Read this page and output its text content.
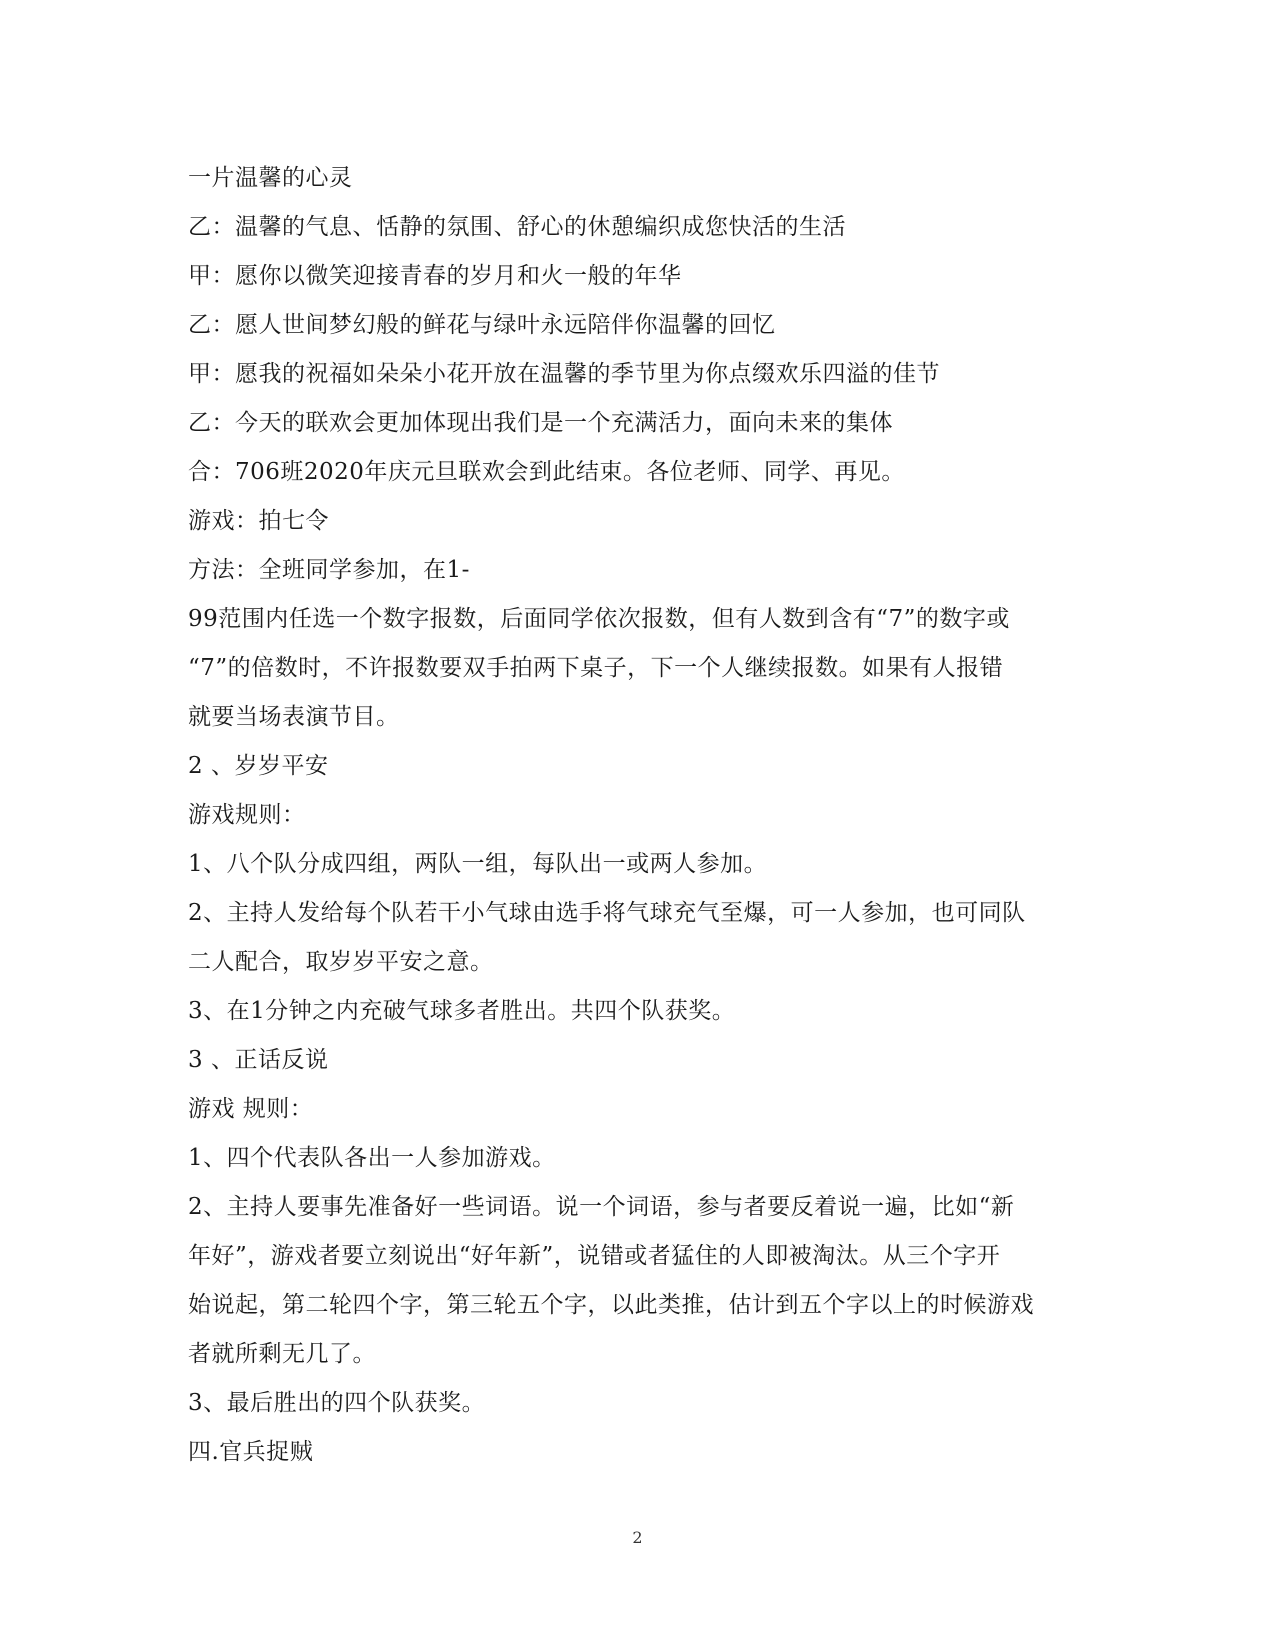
一片温馨的心灵
乙：温馨的气息、恬静的氛围、舒心的休憩编织成您快活的生活
甲：愿你以微笑迎接青春的岁月和火一般的年华
乙：愿人世间梦幻般的鲜花与绿叶永远陪伴你温馨的回忆
甲：愿我的祝福如朵朵小花开放在温馨的季节里为你点缀欢乐四溢的佳节
乙：今天的联欢会更加体现出我们是一个充满活力，面向未来的集体
合：706班2020年庆元旦联欢会到此结束。各位老师、同学、再见。
游戏：拍七令
方法：全班同学参加，在1-
99范围内任选一个数字报数，后面同学依次报数，但有人数到含有“7”的数字或
“7”的倍数时，不许报数要双手拍两下桌子，下一个人继续报数。如果有人报错
就要当场表演节目。
2 、岁岁平安
游戏规则：
1、八个队分成四组，两队一组，每队出一或两人参加。
2、主持人发给每个队若干小气球由选手将气球充气至爆，可一人参加，也可同队
二人配合，取岁岁平安之意。
3、在1分钟之内充破气球多者胜出。共四个队获奖。
3 、正话反说
游戏 规则：
1、四个代表队各出一人参加游戏。
2、主持人要事先准备好一些词语。说一个词语，参与者要反着说一遍，比如“新
年好”，游戏者要立刻说出“好年新”，说错或者猛住的人即被淘汰。从三个字开
始说起，第二轮四个字，第三轮五个字，以此类推，估计到五个字以上的时候游戏
者就所剩无几了。
3、最后胜出的四个队获奖。
四.官兵捉贼
2
